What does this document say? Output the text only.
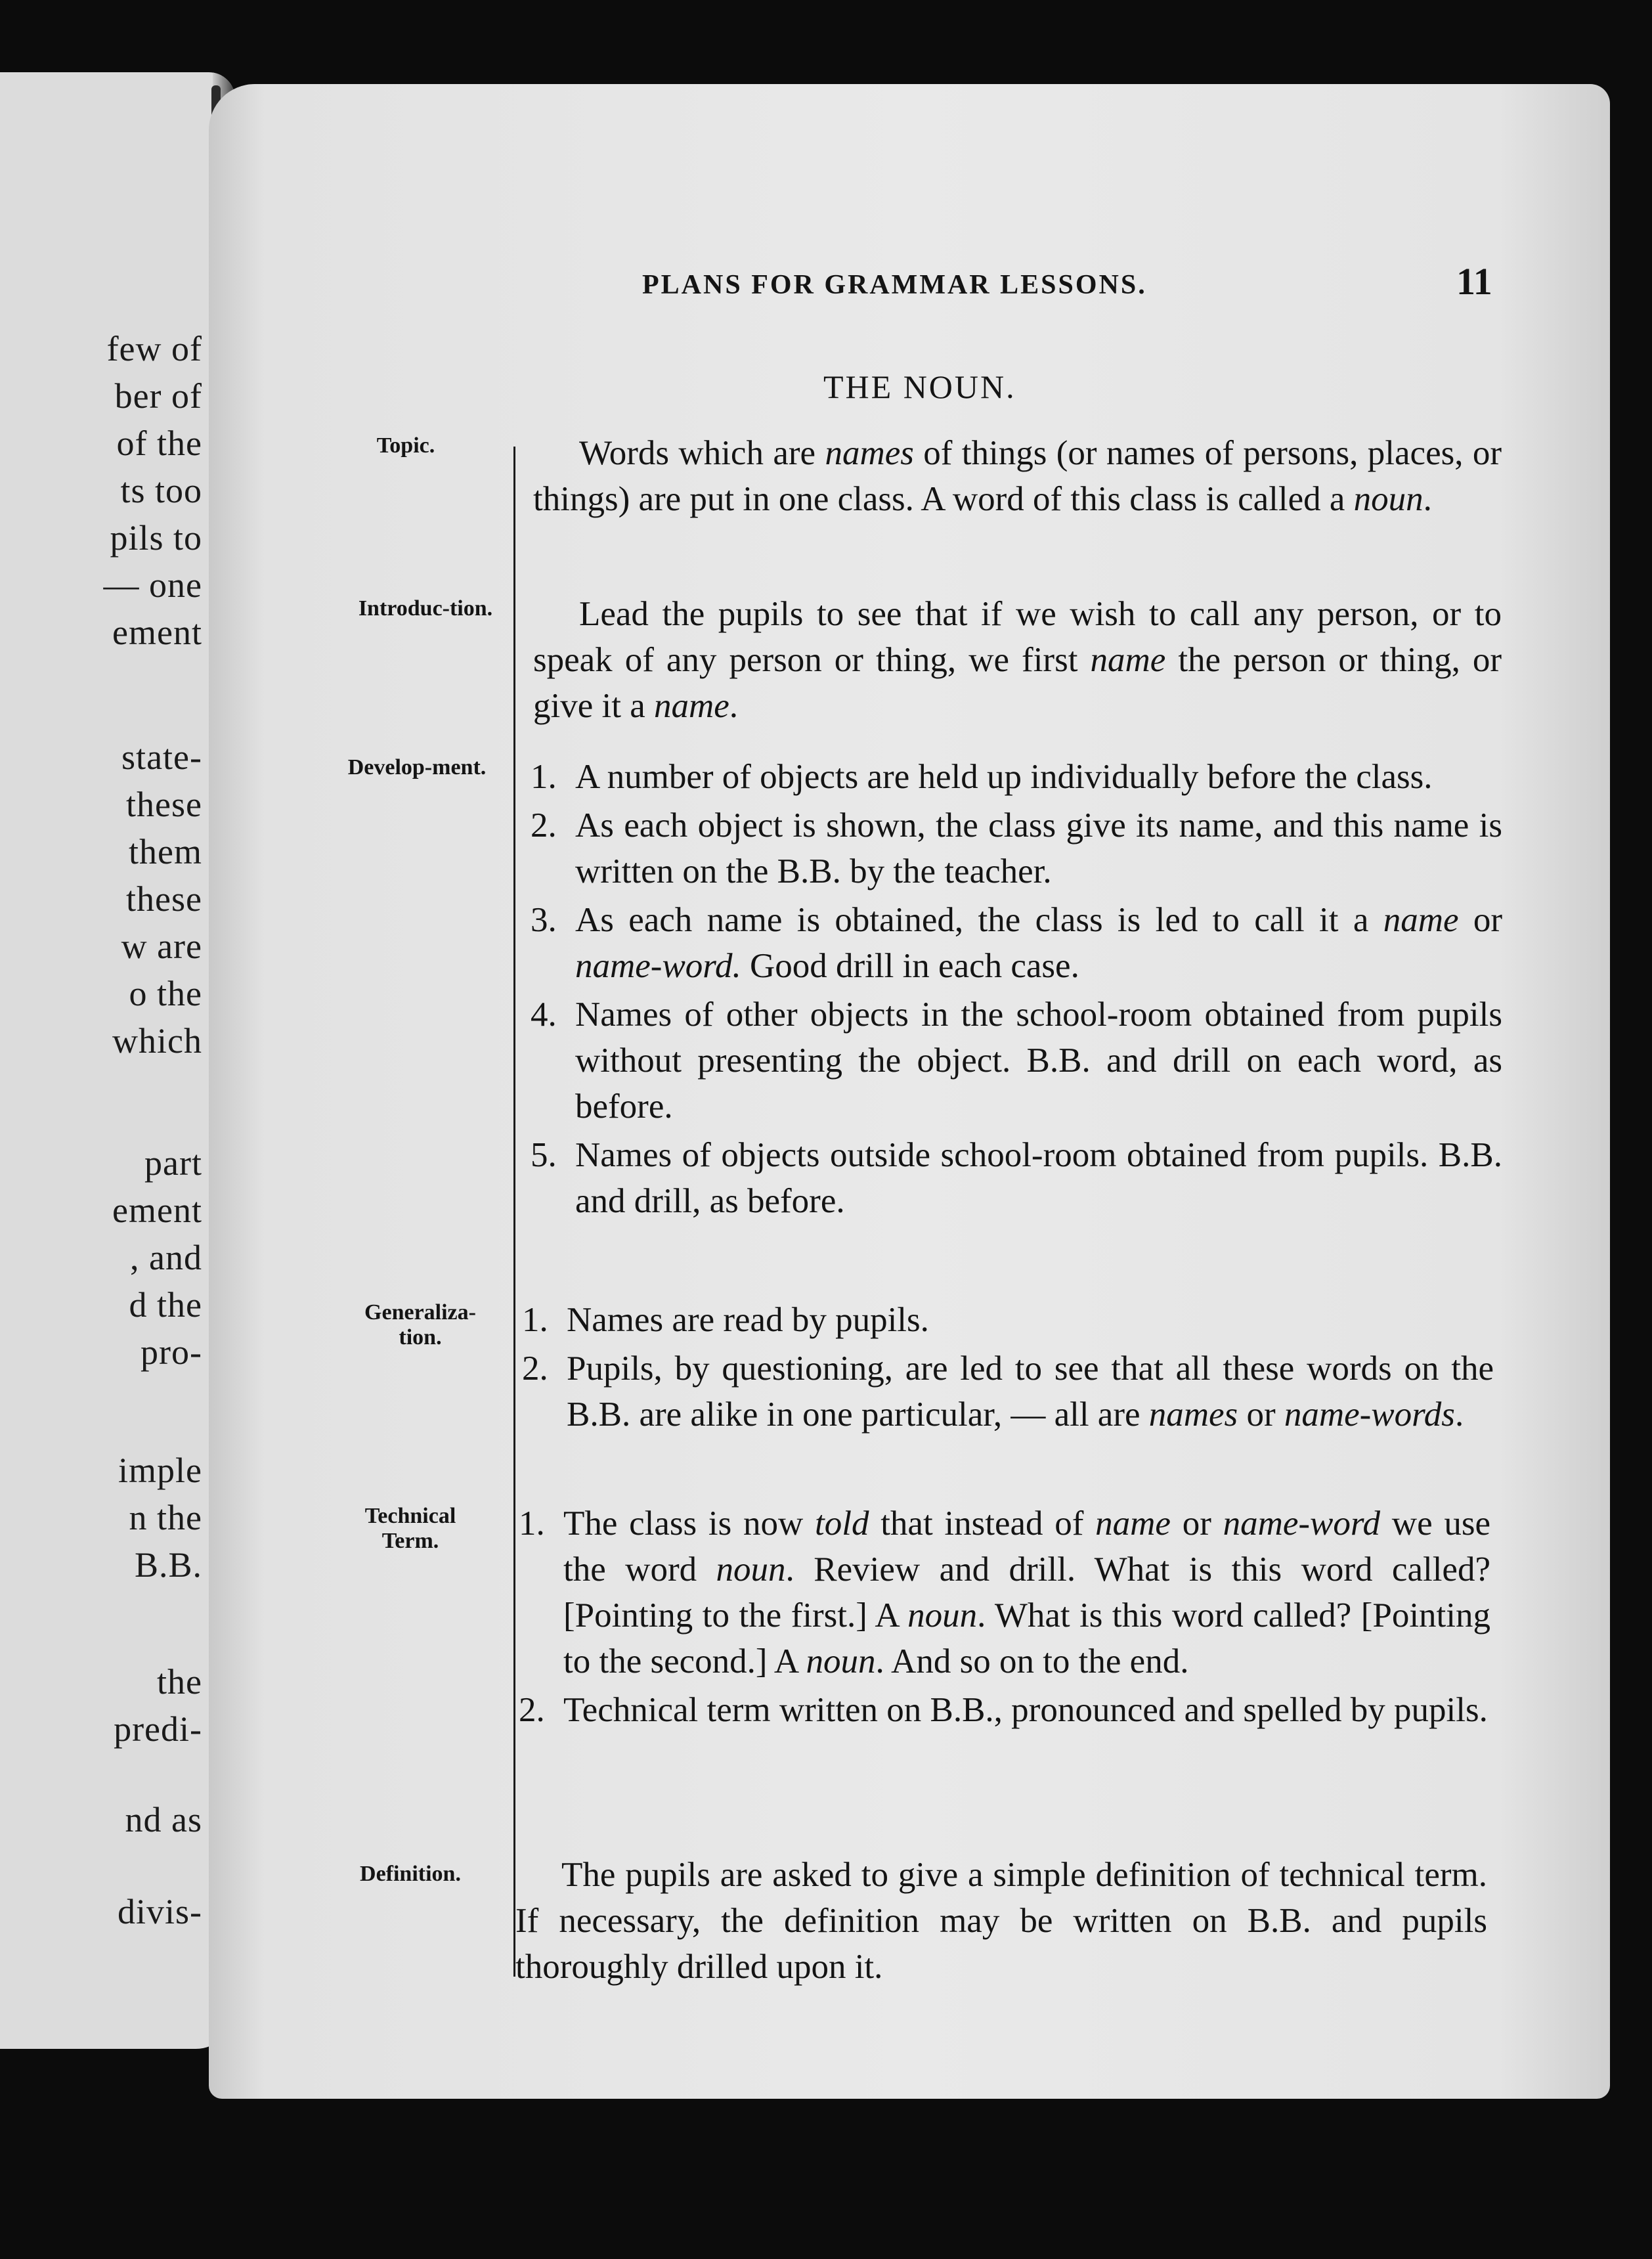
few of
ber of
of the
ts too
pils to
— one
ement
state-
these
them
these
w are
o the
which
part
ement
, and
d the
pro-
imple
n the
B.B.
the
predi-
nd as
divis-
PLANS FOR GRAMMAR LESSONS.	11
THE NOUN.
Topic.
Introduc-tion.
Develop-ment.
Generaliza-tion.
Technical Term.
Definition.

Words which are names of things (or names of persons, places, or things) are put in one class. A word of this class is called a noun.

Lead the pupils to see that if we wish to call any person, or to speak of any person or thing, we first name the person or thing, or give it a name.

1. A number of objects are held up individually before the class.
2. As each object is shown, the class give its name, and this name is written on the B.B. by the teacher.
3. As each name is obtained, the class is led to call it a name or name-word. Good drill in each case.
4. Names of other objects in the school-room obtained from pupils without presenting the object. B.B. and drill on each word, as before.
5. Names of objects outside school-room obtained from pupils. B.B. and drill, as before.
1. Names are read by pupils.
2. Pupils, by questioning, are led to see that all these words on the B.B. are alike in one particular, — all are names or name-words.
1. The class is now told that instead of name or name-word we use the word noun. Review and drill. What is this word called? [Pointing to the first.] A noun. What is this word called? [Pointing to the second.] A noun. And so on to the end.
2. Technical term written on B.B., pronounced and spelled by pupils.

The pupils are asked to give a simple definition of technical term. If necessary, the definition may be written on B.B. and pupils thoroughly drilled upon it.
